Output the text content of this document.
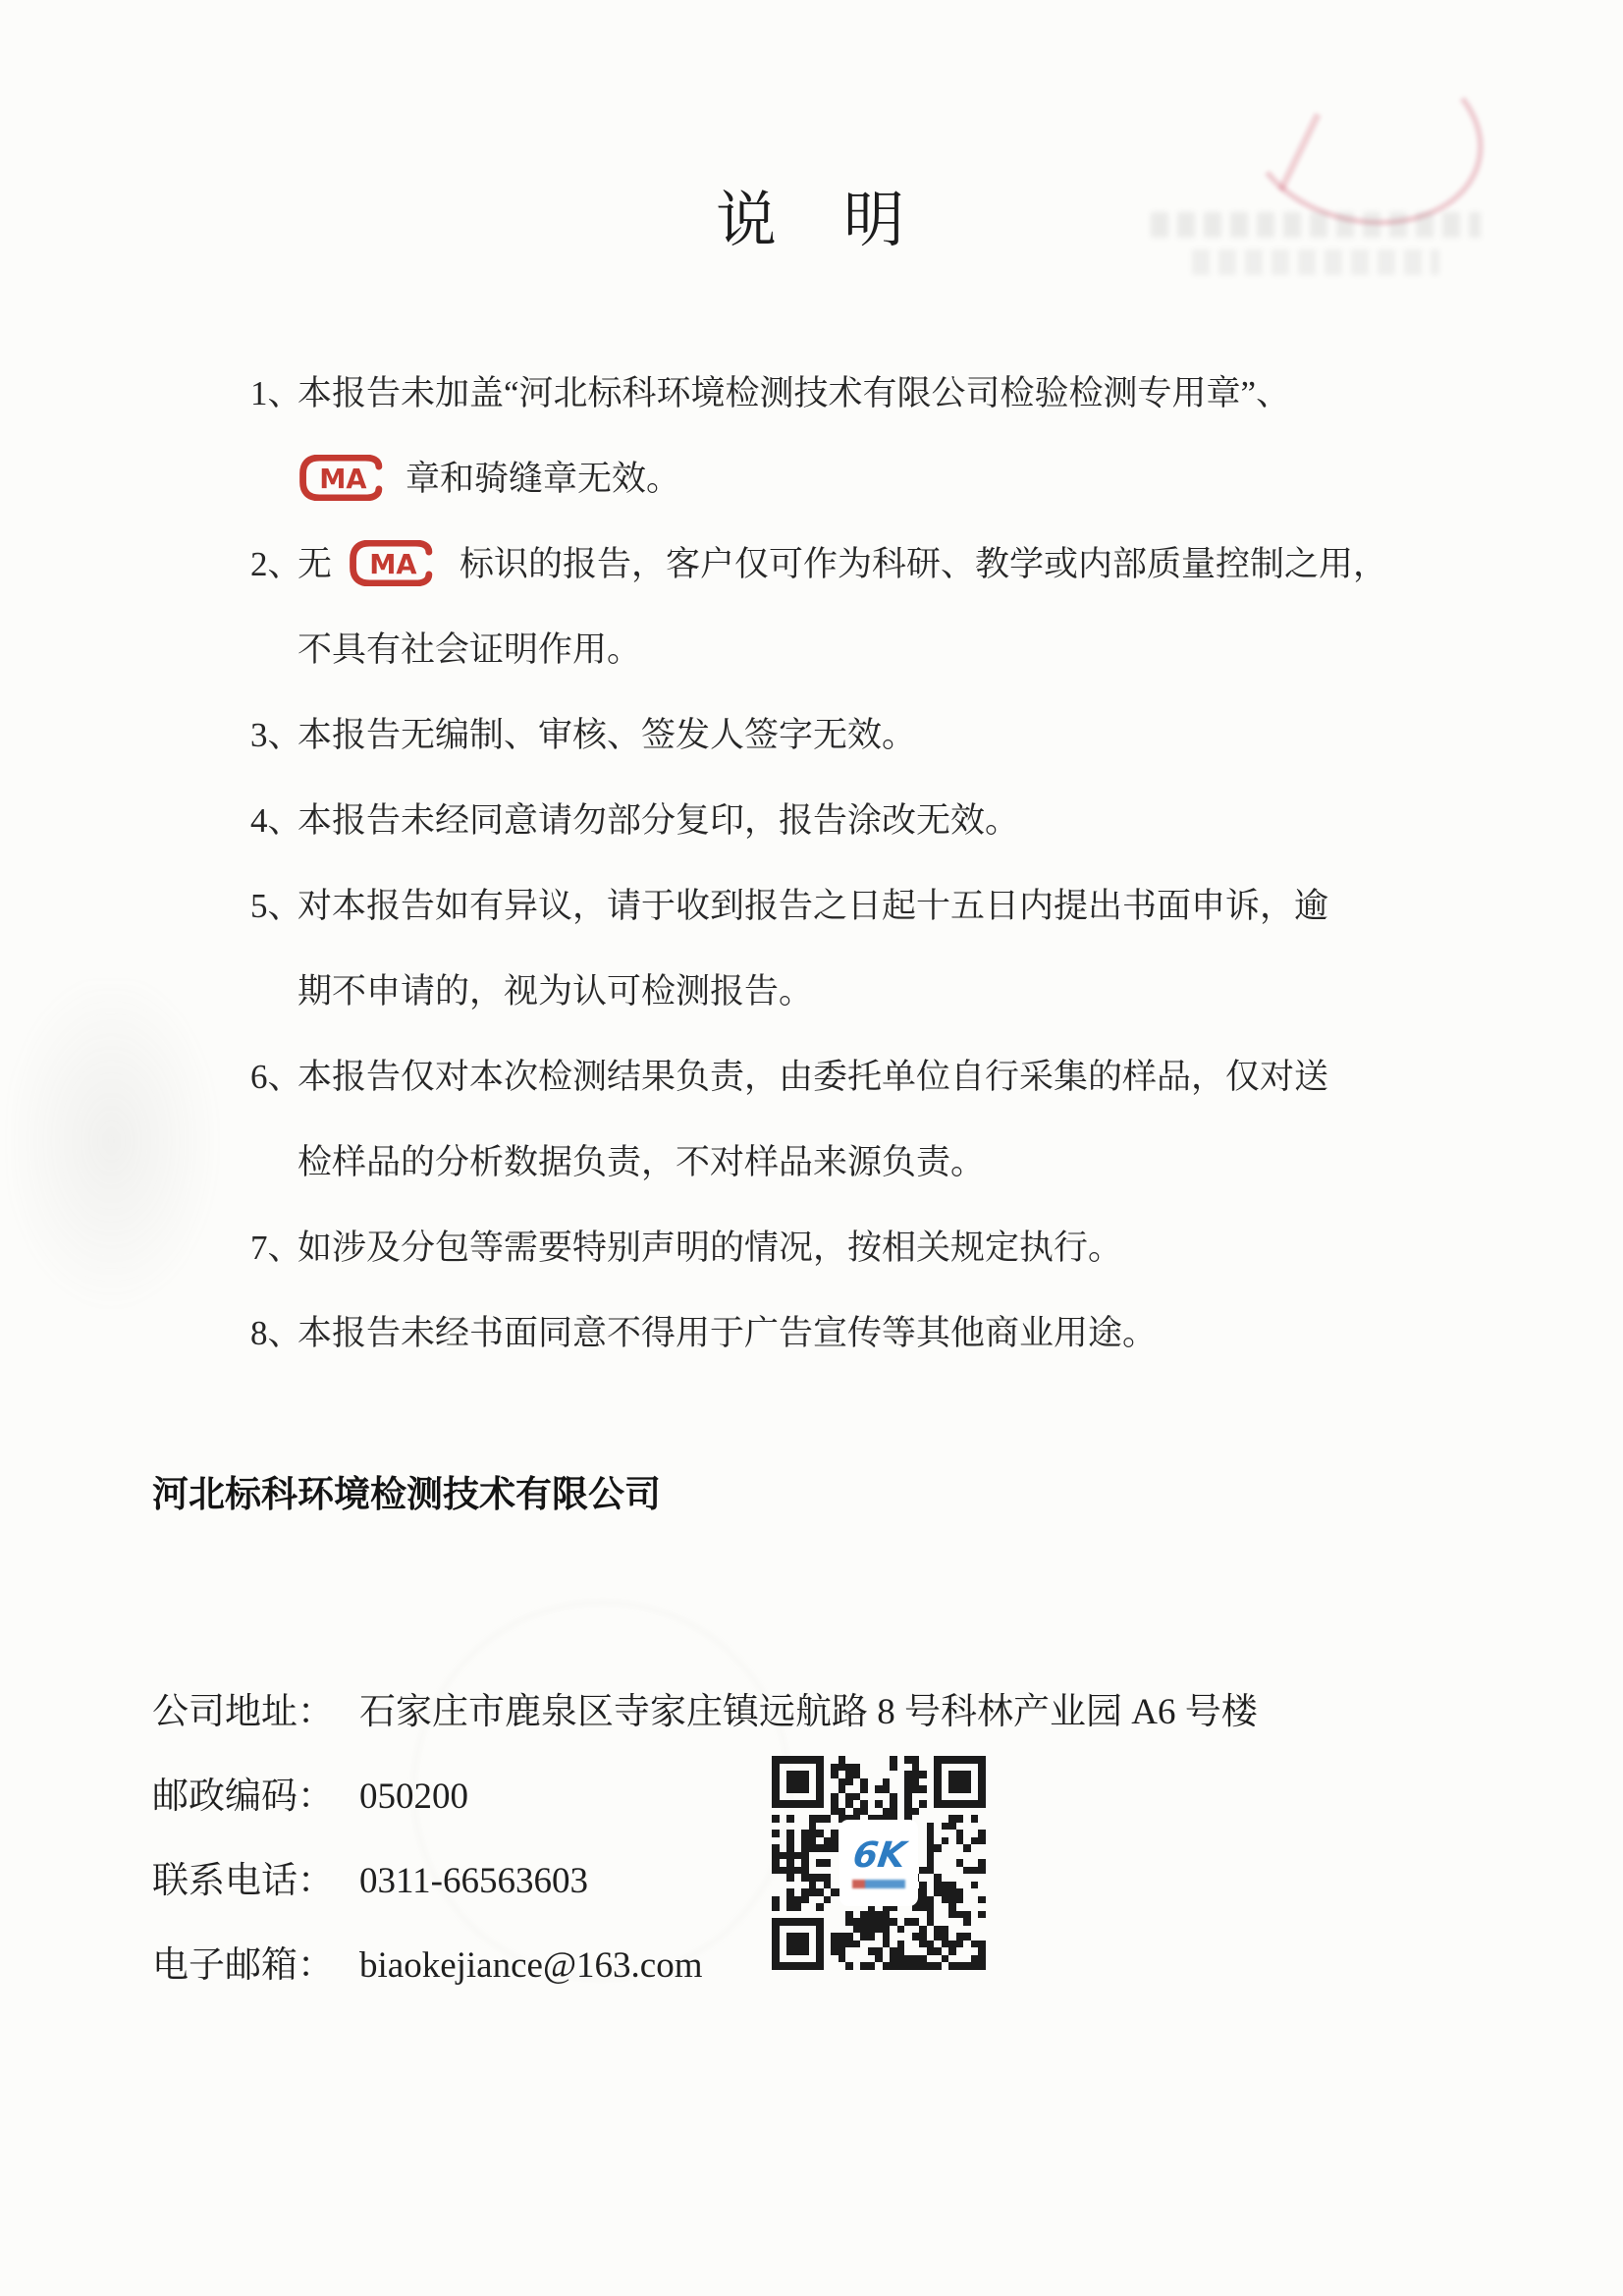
说　明
1、本报告未加盖“河北标科环境检测技术有限公司检验检测专用章”、
MA 章和骑缝章无效。
2、无 MA 标识的报告，客户仅可作为科研、教学或内部质量控制之用，
不具有社会证明作用。
3、本报告无编制、审核、签发人签字无效。
4、本报告未经同意请勿部分复印，报告涂改无效。
5、对本报告如有异议，请于收到报告之日起十五日内提出书面申诉，逾
期不申请的，视为认可检测报告。
6、本报告仅对本次检测结果负责，由委托单位自行采集的样品，仅对送
检样品的分析数据负责，不对样品来源负责。
7、如涉及分包等需要特别声明的情况，按相关规定执行。
8、本报告未经书面同意不得用于广告宣传等其他商业用途。

河北标科环境检测技术有限公司

公司地址： 石家庄市鹿泉区寺家庄镇远航路 8 号科林产业园 A6 号楼
邮政编码： 050200
联系电话： 0311-66563603
电子邮箱： biaokejiance@163.com
6K
